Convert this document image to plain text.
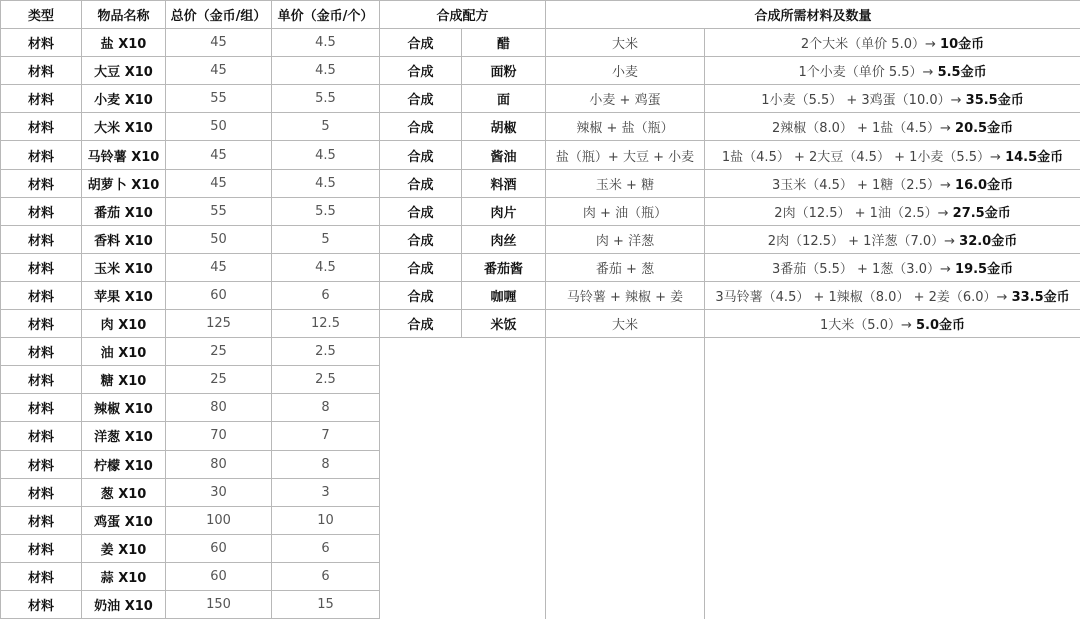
类型	物品名称	总价（金币/组）	单价（金币/个）	合成配方		合成所需材料及数量	
材料	盐 X10	45	4.5	合成	醋	大米	2个大米（单价 5.0）→ 10金币
材料	大豆 X10	45	4.5	合成	面粉	小麦	1个小麦（单价 5.5）→ 5.5金币
材料	小麦 X10	55	5.5	合成	面	小麦 + 鸡蛋	1小麦（5.5） + 3鸡蛋（10.0）→ 35.5金币
材料	大米 X10	50	5	合成	胡椒	辣椒 + 盐（瓶）	2辣椒（8.0） + 1盐（4.5）→ 20.5金币
材料	马铃薯 X10	45	4.5	合成	酱油	盐（瓶）+ 大豆 + 小麦	1盐（4.5） + 2大豆（4.5） + 1小麦（5.5）→ 14.5金币
材料	胡萝卜 X10	45	4.5	合成	料酒	玉米 + 糖	3玉米（4.5） + 1糖（2.5）→ 16.0金币
材料	番茄 X10	55	5.5	合成	肉片	肉 + 油（瓶）	2肉（12.5） + 1油（2.5）→ 27.5金币
材料	香料 X10	50	5	合成	肉丝	肉 + 洋葱	2肉（12.5） + 1洋葱（7.0）→ 32.0金币
材料	玉米 X10	45	4.5	合成	番茄酱	番茄 + 葱	3番茄（5.5） + 1葱（3.0）→ 19.5金币
材料	苹果 X10	60	6	合成	咖喱	马铃薯 + 辣椒 + 姜	3马铃薯（4.5） + 1辣椒（8.0） + 2姜（6.0）→ 33.5金币
材料	肉 X10	125	12.5	合成	米饭	大米	1大米（5.0）→ 5.0金币
材料	油 X10	25	2.5				
材料	糖 X10	25	2.5				
材料	辣椒 X10	80	8				
材料	洋葱 X10	70	7				
材料	柠檬 X10	80	8				
材料	葱 X10	30	3				
材料	鸡蛋 X10	100	10				
材料	姜 X10	60	6				
材料	蒜 X10	60	6				
材料	奶油 X10	150	15				
